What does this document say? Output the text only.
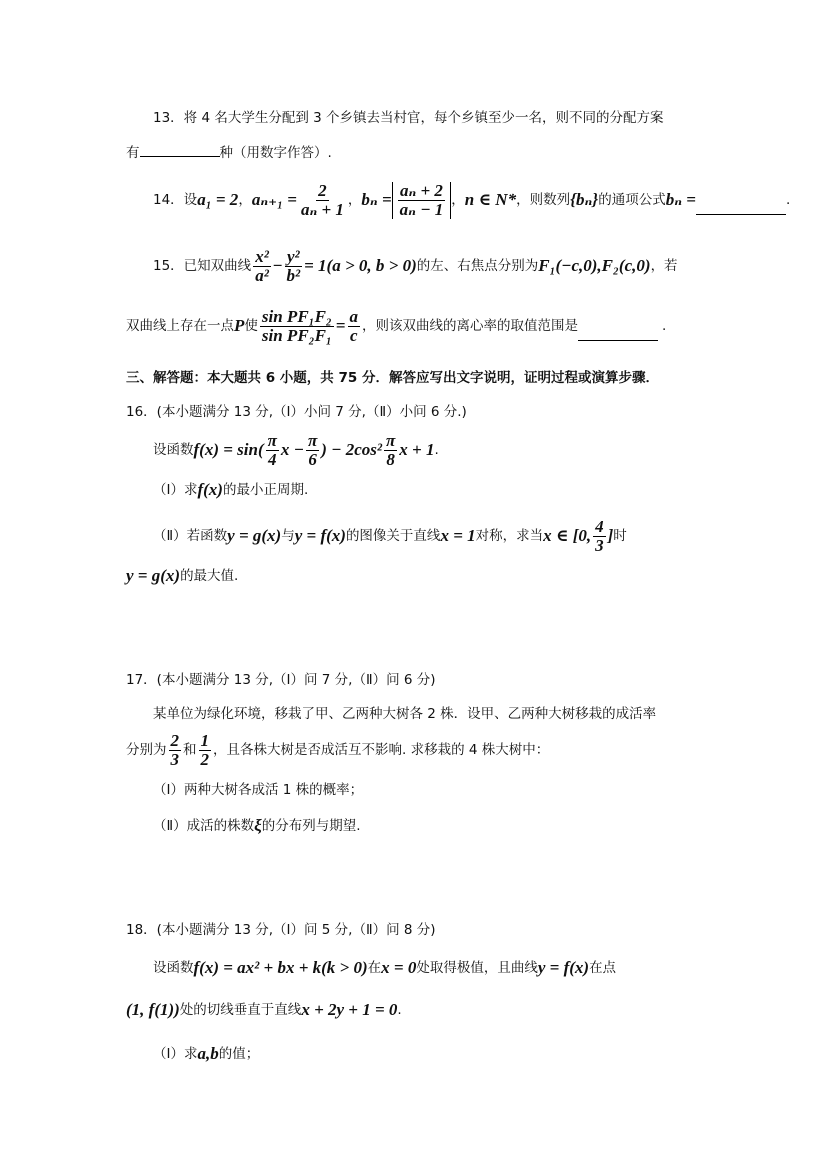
13．将 4 名大学生分配到 3 个乡镇去当村官，每个乡镇至少一名，则不同的分配方案
有	种（用数字作答）.
14．设 a₁ = 2 ， $a_{n+1} = \frac{2}{\text{aₙ + 1}}$ ， $b_n = \frac{\text{aₙ + 2}}{\text{aₙ − 1}}$ ， n ∈ N* ，则数列 {bₙ} 的通项公式 bₙ =	.
15．已知双曲线 $\frac{\text{x²}}{\text{a²}} - \frac{\text{y²}}{\text{b²}} = 1(a > 0$, b > 0) 的左、右焦点分别为 F₁(−c,0),F₂(c,0) ，若
双曲线上存在一点 P 使 $\frac{\text{sin PF₁F₂}}{\text{sin PF₂F₁}} = \frac{a}{c}$ ，则该双曲线的离心率的取值范围是	.
三、解答题：本大题共 6 小题，共 75 分．解答应写出文字说明，证明过程或演算步骤．
16．(本小题满分 13 分,（Ⅰ）小问 7 分,（Ⅱ）小问 6 分.)
设函数 $f(x) = \sin( \frac{\pi}{4}$ $x - \frac{\pi}{6}$ ) − $2\cos^2 \frac{\pi}{8}$ x + 1 .
（Ⅰ）求 f(x) 的最小正周期.
（Ⅱ）若函数 y = g(x) 与 y = f(x) 的图像关于直线 x = 1 对称，求当 x ∈ [0, $\frac{4}{3}$ ] 时
y = g(x) 的最大值.
17．(本小题满分 13 分,（Ⅰ）问 7 分,（Ⅱ）问 6 分)
某单位为绿化环境，移栽了甲、乙两种大树各 2 株．设甲、乙两种大树移栽的成活率
分别为 $\frac{2}{3}$ 和 $\frac{1}{2}$ ，且各株大树是否成活互不影响. 求移栽的 4 株大树中：
（Ⅰ）两种大树各成活 1 株的概率；
（Ⅱ）成活的株数 ξ 的分布列与期望.
18．(本小题满分 13 分,（Ⅰ）问 5 分,（Ⅱ）问 8 分)
设函数 f(x) = ax² + bx + k(k > 0) 在 x = 0 处取得极值，且曲线 y = f(x) 在点
(1, f(1)) 处的切线垂直于直线 x + 2y + 1 = 0 .
（Ⅰ）求 a,b 的值；
